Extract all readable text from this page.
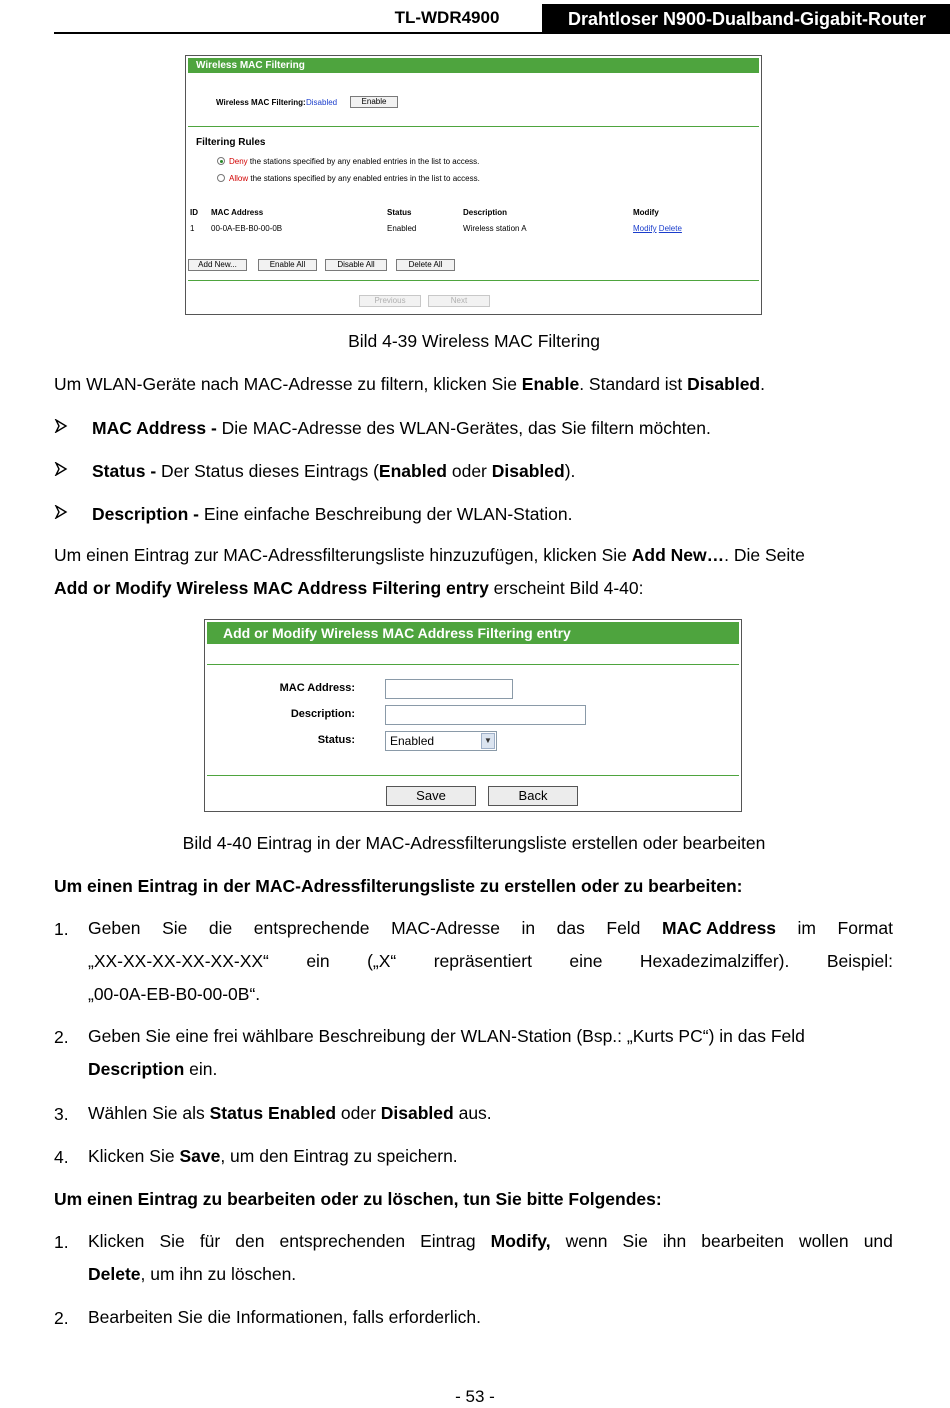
TL-WDR4900	Drahtloser N900-Dualband-Gigabit-Router
Wireless MAC Filtering
Wireless MAC Filtering: Disabled	Enable
Filtering Rules
Deny the stations specified by any enabled entries in the list to access.
Allow the stations specified by any enabled entries in the list to access.
ID MAC Address	Status	Description	Modify
1 00-0A-EB-B0-00-0B	Enabled	Wireless station A	Modify Delete
Add New...	Enable All	Disable All	Delete All
Previous	Next
Bild 4-39 Wireless MAC Filtering
Um WLAN-Geräte nach MAC-Adresse zu filtern, klicken Sie Enable. Standard ist Disabled.
MAC Address - Die MAC-Adresse des WLAN-Gerätes, das Sie filtern möchten.
Status - Der Status dieses Eintrags (Enabled oder Disabled).
Description - Eine einfache Beschreibung der WLAN-Station.
Um einen Eintrag zur MAC-Adressfilterungsliste hinzuzufügen, klicken Sie Add New…. Die Seite
Add or Modify Wireless MAC Address Filtering entry erscheint Bild 4-40:
Add or Modify Wireless MAC Address Filtering entry
MAC Address:
Description:
Status:	Enabled	▼
Save	Back
Bild 4-40 Eintrag in der MAC-Adressfilterungsliste erstellen oder bearbeiten
Um einen Eintrag in der MAC-Adressfilterungsliste zu erstellen oder zu bearbeiten:
1. Geben Sie die entsprechende MAC-Adresse in das Feld MAC Address im Format
„XX-XX-XX-XX-XX-XX“ ein („X“ repräsentiert eine Hexadezimalziffer). Beispiel:
„00-0A-EB-B0-00-0B“.
2. Geben Sie eine frei wählbare Beschreibung der WLAN-Station (Bsp.: „Kurts PC“) in das Feld
Description ein.
3. Wählen Sie als Status Enabled oder Disabled aus.
4. Klicken Sie Save, um den Eintrag zu speichern.
Um einen Eintrag zu bearbeiten oder zu löschen, tun Sie bitte Folgendes:
1. Klicken Sie für den entsprechenden Eintrag Modify, wenn Sie ihn bearbeiten wollen und
Delete, um ihn zu löschen.
2. Bearbeiten Sie die Informationen, falls erforderlich.
- 53 -
